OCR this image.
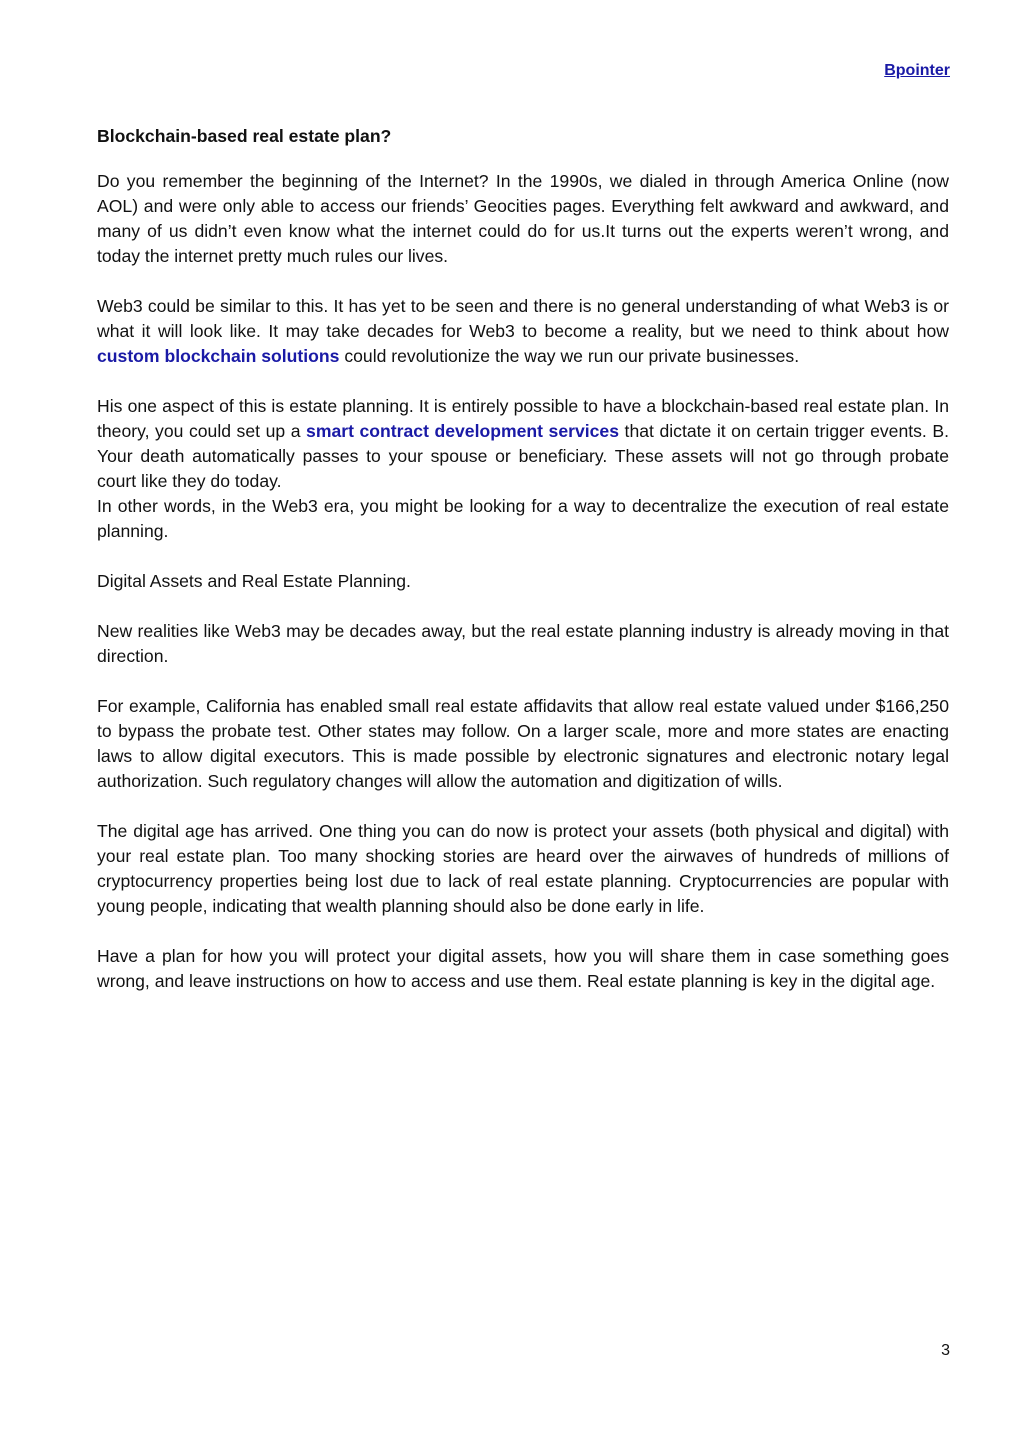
Bpointer
Blockchain-based real estate plan?

Do you remember the beginning of the Internet? In the 1990s, we dialed in through America Online (now AOL) and were only able to access our friends’ Geocities pages. Everything felt awkward and awkward, and many of us didn’t even know what the internet could do for us.It turns out the experts weren’t wrong, and today the internet pretty much rules our lives.

Web3 could be similar to this. It has yet to be seen and there is no general understanding of what Web3 is or what it will look like. It may take decades for Web3 to become a reality, but we need to think about how custom blockchain solutions could revolutionize the way we run our private businesses.

His one aspect of this is estate planning. It is entirely possible to have a blockchain-based real estate plan. In theory, you could set up a smart contract development services that dictate it on certain trigger events. B. Your death automatically passes to your spouse or beneficiary. These assets will not go through probate court like they do today.

In other words, in the Web3 era, you might be looking for a way to decentralize the execution of real estate planning.

Digital Assets and Real Estate Planning.

New realities like Web3 may be decades away, but the real estate planning industry is already moving in that direction.

For example, California has enabled small real estate affidavits that allow real estate valued under $166,250 to bypass the probate test. Other states may follow. On a larger scale, more and more states are enacting laws to allow digital executors. This is made possible by electronic signatures and electronic notary legal authorization. Such regulatory changes will allow the automation and digitization of wills.

The digital age has arrived. One thing you can do now is protect your assets (both physical and digital) with your real estate plan. Too many shocking stories are heard over the airwaves of hundreds of millions of cryptocurrency properties being lost due to lack of real estate planning. Cryptocurrencies are popular with young people, indicating that wealth planning should also be done early in life.

Have a plan for how you will protect your digital assets, how you will share them in case something goes wrong, and leave instructions on how to access and use them. Real estate planning is key in the digital age.

3
